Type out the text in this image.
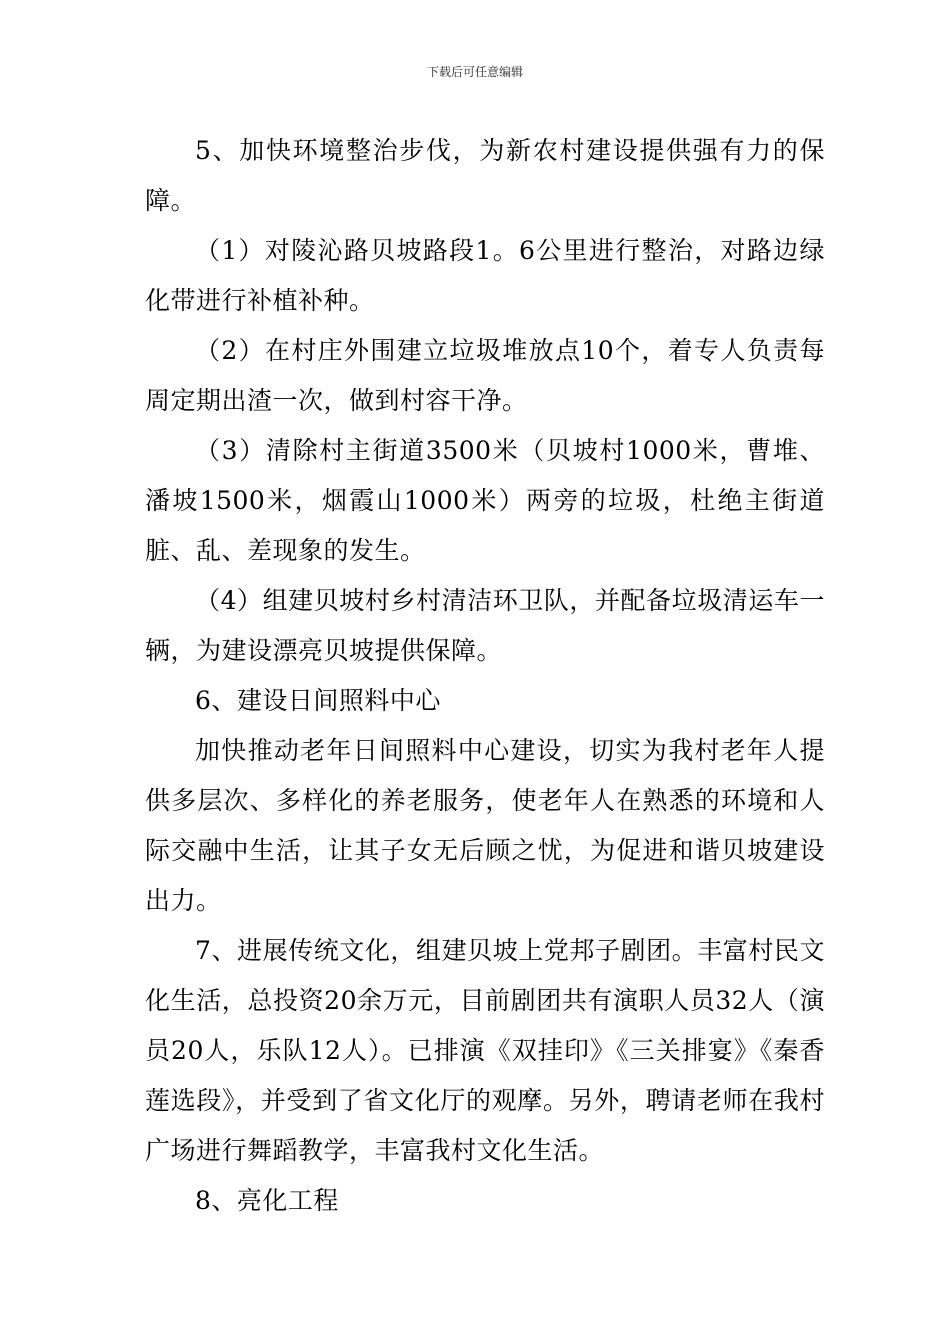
下载后可任意编辑

5、加快环境整治步伐，为新农村建设提供强有力的保障。

（1）对陵沁路贝坡路段1。6公里进行整治，对路边绿化带进行补植补种。

（2）在村庄外围建立垃圾堆放点10个，着专人负责每周定期出渣一次，做到村容干净。

（3）清除村主街道3500米（贝坡村1000米，曹堆、潘坡1500米，烟霞山1000米）两旁的垃圾，杜绝主街道脏、乱、差现象的发生。

（4）组建贝坡村乡村清洁环卫队，并配备垃圾清运车一辆，为建设漂亮贝坡提供保障。

6、建设日间照料中心

加快推动老年日间照料中心建设，切实为我村老年人提供多层次、多样化的养老服务，使老年人在熟悉的环境和人际交融中生活，让其子女无后顾之忧，为促进和谐贝坡建设出力。

7、进展传统文化，组建贝坡上党邦子剧团。丰富村民文化生活，总投资20余万元，目前剧团共有演职人员32人（演员20人，乐队12人）。已排演《双挂印》《三关排宴》《秦香莲选段》，并受到了省文化厅的观摩。另外，聘请老师在我村广场进行舞蹈教学，丰富我村文化生活。

8、亮化工程
